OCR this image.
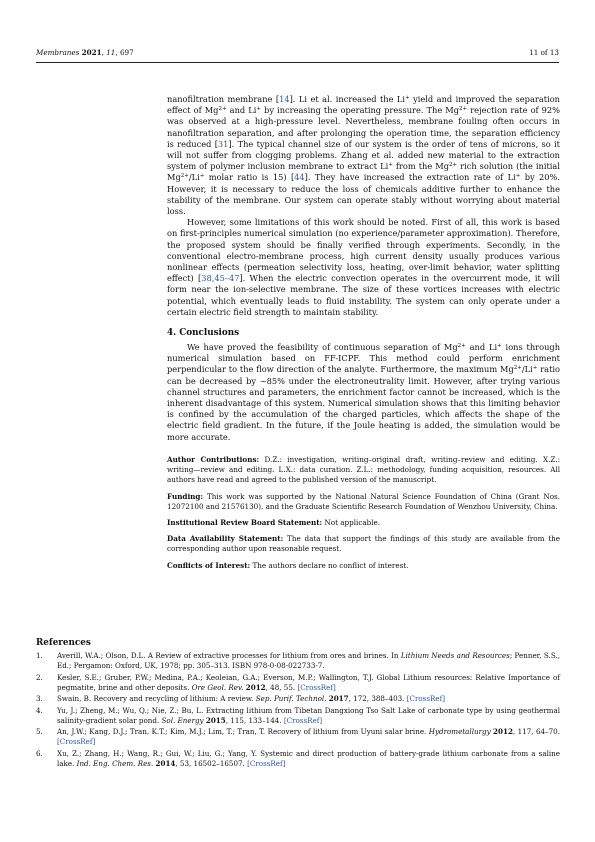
Membranes 2021, 11, 697	11 of 13

nanofiltration membrane [14]. Li et al. increased the Li+ yield and improved the separation effect of $Mg^{2+}$ and Li+ by increasing the operating pressure. The $Mg^{2+}$ rejection rate of 92% was observed at a high-pressure level. Nevertheless, membrane fouling often occurs in nanofiltration separation, and after prolonging the operation time, the separation efficiency is reduced [31]. The typical channel size of our system is the order of tens of microns, so it will not suffer from clogging problems. Zhang et al. added new material to the extraction system of polymer inclusion membrane to extract Li+ from the $Mg^{2+}$ rich solution (the initial $Mg^{2+}/Li^+$ molar ratio is 15) [44]. They have increased the extraction rate of Li+ by 20%. However, it is necessary to reduce the loss of chemicals additive further to enhance the stability of the membrane. Our system can operate stably without worrying about material loss.

However, some limitations of this work should be noted. First of all, this work is based on first-principles numerical simulation (no experience/parameter approximation). Therefore, the proposed system should be finally verified through experiments. Secondly, in the conventional electro-membrane process, high current density usually produces various nonlinear effects (permeation selectivity loss, heating, over-limit behavior, water splitting effect) [38,45–47]. When the electric convection operates in the overcurrent mode, it will form near the ion-selective membrane. The size of these vortices increases with electric potential, which eventually leads to fluid instability. The system can only operate under a certain electric field strength to maintain stability.

4. Conclusions

We have proved the feasibility of continuous separation of $Mg^{2+}$ and Li+ ions through numerical simulation based on FF-ICPF. This method could perform enrichment perpendicular to the flow direction of the analyte. Furthermore, the maximum $Mg^{2+}/Li^+$ ratio can be decreased by ~85% under the electroneutrality limit. However, after trying various channel structures and parameters, the enrichment factor cannot be increased, which is the inherent disadvantage of this system. Numerical simulation shows that this limiting behavior is confined by the accumulation of the charged particles, which affects the shape of the electric field gradient. In the future, if the Joule heating is added, the simulation would be more accurate.

Author Contributions: D.Z.: investigation, writing–original draft, writing–review and editing. X.Z.: writing—review and editing. L.X.: data curation. Z.L.: methodology, funding acquisition, resources. All authors have read and agreed to the published version of the manuscript.

Funding: This work was supported by the National Natural Science Foundation of China (Grant Nos. 12072100 and 21576130), and the Graduate Scientific Research Foundation of Wenzhou University, China.

Institutional Review Board Statement: Not applicable.

Data Availability Statement: The data that support the findings of this study are available from the corresponding author upon reasonable request.

Conflicts of Interest: The authors declare no conflict of interest.

References
1. Averill, W.A.; Olson, D.L. A Review of extractive processes for lithium from ores and brines. In Lithium Needs and Resources; Penner, S.S., Ed.; Pergamon: Oxford, UK, 1978; pp. 305–313. ISBN 978-0-08-022733-7.
2. Kesler, S.E.; Gruber, P.W.; Medina, P.A.; Keoleian, G.A.; Everson, M.P.; Wallington, T.J. Global Lithium resources: Relative Importance of pegmatite, brine and other deposits. Ore Geol. Rev. 2012, 48, 55. [CrossRef]
3. Swain, B. Recovery and recycling of lithium: A review. Sep. Purif. Technol. 2017, 172, 388–403. [CrossRef]
4. Yu, J.; Zheng, M.; Wu, Q.; Nie, Z.; Bu, L. Extracting lithium from Tibetan Dangxiong Tso Salt Lake of carbonate type by using geothermal salinity-gradient solar pond. Sol. Energy 2015, 115, 133–144. [CrossRef]
5. An, J.W.; Kang, D.J.; Tran, K.T.; Kim, M.J.; Lim, T.; Tran, T. Recovery of lithium from Uyuni salar brine. Hydrometallurgy 2012, 117, 64–70. [CrossRef]
6. Xu, Z.; Zhang, H.; Wang, R.; Gui, W.; Liu, G.; Yang, Y. Systemic and direct production of battery-grade lithium carbonate from a saline lake. Ind. Eng. Chem. Res. 2014, 53, 16502–16507. [CrossRef]
